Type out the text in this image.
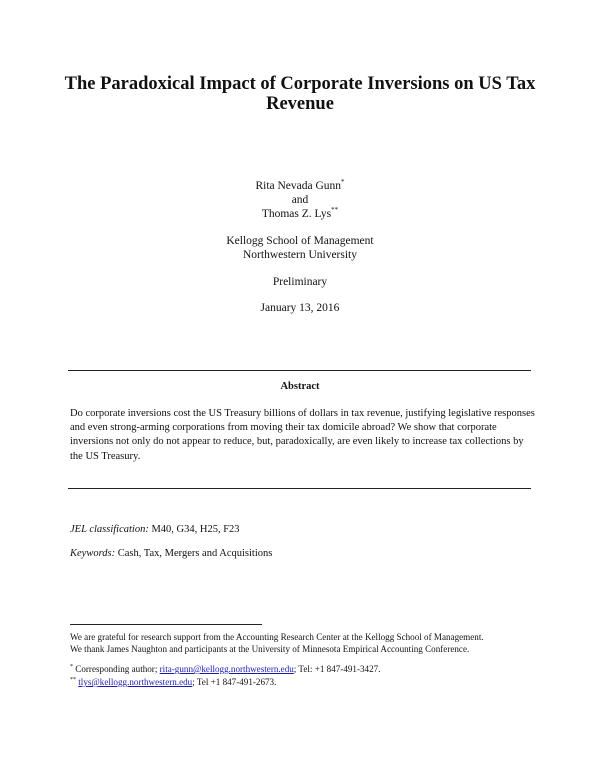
The Paradoxical Impact of Corporate Inversions on US Tax Revenue
Rita Nevada Gunn*
and
Thomas Z. Lys**
Kellogg School of Management
Northwestern University
Preliminary
January 13, 2016
Abstract
Do corporate inversions cost the US Treasury billions of dollars in tax revenue, justifying legislative responses and even strong-arming corporations from moving their tax domicile abroad? We show that corporate inversions not only do not appear to reduce, but, paradoxically, are even likely to increase tax collections by the US Treasury.
JEL classification: M40, G34, H25, F23
Keywords: Cash, Tax, Mergers and Acquisitions
We are grateful for research support from the Accounting Research Center at the Kellogg School of Management.
We thank James Naughton and participants at the University of Minnesota Empirical Accounting Conference.
* Corresponding author; rita-gunn@kellogg.northwestern.edu; Tel: +1 847-491-3427.
** tlys@kellogg.northwestern.edu; Tel +1 847-491-2673.
